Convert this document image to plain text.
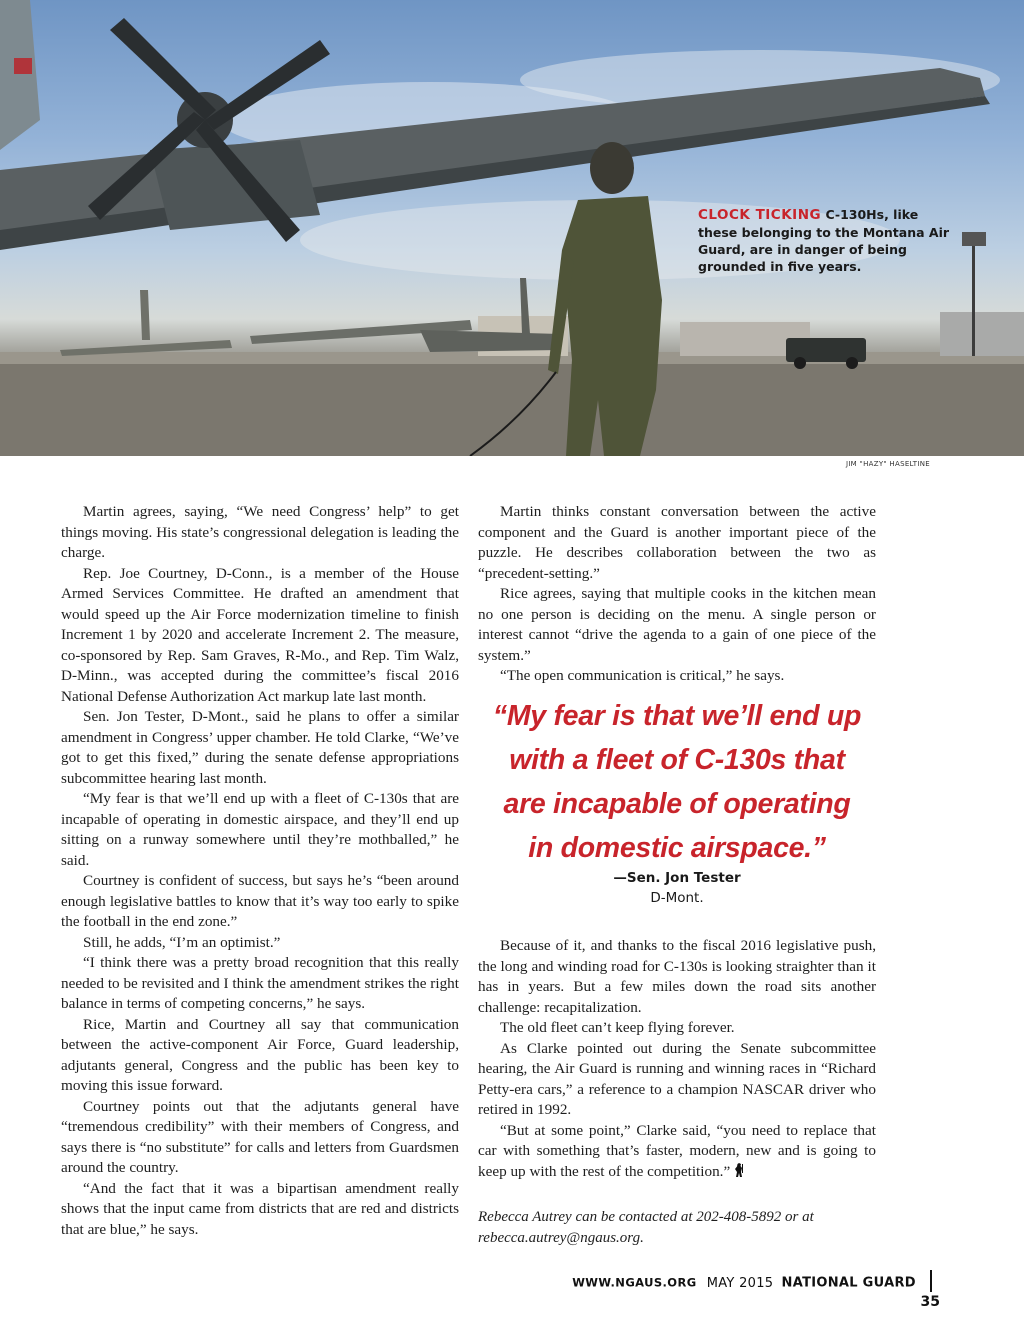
CLOCK TICKING C-130Hs, like these belonging to the Montana Air Guard, are in danger of being grounded in five years.
JIM "HAZY" HASELTINE

Martin agrees, saying, “We need Congress’ help” to get things moving. His state’s congressional delegation is leading the charge.

Rep. Joe Courtney, D-Conn., is a member of the House Armed Services Committee. He drafted an amendment that would speed up the Air Force modernization timeline to finish Increment 1 by 2020 and accelerate Increment 2. The measure, co-sponsored by Rep. Sam Graves, R-Mo., and Rep. Tim Walz, D-Minn., was accepted during the committee’s fiscal 2016 National Defense Authorization Act markup late last month.

Sen. Jon Tester, D-Mont., said he plans to offer a similar amendment in Congress’ upper chamber. He told Clarke, “We’ve got to get this fixed,” during the senate defense appropriations subcommittee hearing last month.

“My fear is that we’ll end up with a fleet of C-130s that are incapable of operating in domestic airspace, and they’ll end up sitting on a runway somewhere until they’re mothballed,” he said.

Courtney is confident of success, but says he’s “been around enough legislative battles to know that it’s way too early to spike the football in the end zone.”

Still, he adds, “I’m an optimist.”

“I think there was a pretty broad recognition that this really needed to be revisited and I think the amendment strikes the right balance in terms of competing concerns,” he says.

Rice, Martin and Courtney all say that communication between the active-component Air Force, Guard leadership, adjutants general, Congress and the public has been key to moving this issue forward.

Courtney points out that the adjutants general have “tremendous credibility” with their members of Congress, and says there is “no substitute” for calls and letters from Guardsmen around the country.

“And the fact that it was a bipartisan amendment really shows that the input came from districts that are red and districts that are blue,” he says.

Martin thinks constant conversation between the active component and the Guard is another important piece of the puzzle. He describes collaboration between the two as “precedent-setting.”

Rice agrees, saying that multiple cooks in the kitchen mean no one person is deciding on the menu. A single person or interest cannot “drive the agenda to a gain of one piece of the system.”

“The open communication is critical,” he says.

“My fear is that we’ll end up
with a fleet of C-130s that
are incapable of operating
in domestic airspace.”
—Sen. Jon Tester
D-Mont.

Because of it, and thanks to the fiscal 2016 legislative push, the long and winding road for C-130s is looking straighter than it has in years. But a few miles down the road sits another challenge: recapitalization.

The old fleet can’t keep flying forever.

As Clarke pointed out during the Senate subcommittee hearing, the Air Guard is running and winning races in “Richard Petty-era cars,” a reference to a champion NASCAR driver who retired in 1992.

“But at some point,” Clarke said, “you need to replace that car with something that’s faster, modern, new and is going to keep up with the rest of the competition.”

Rebecca Autrey can be contacted at 202-408-5892 or at rebecca.autrey@ngaus.org.
WWW.NGAUS.ORG MAY 2015 NATIONAL GUARD  35
